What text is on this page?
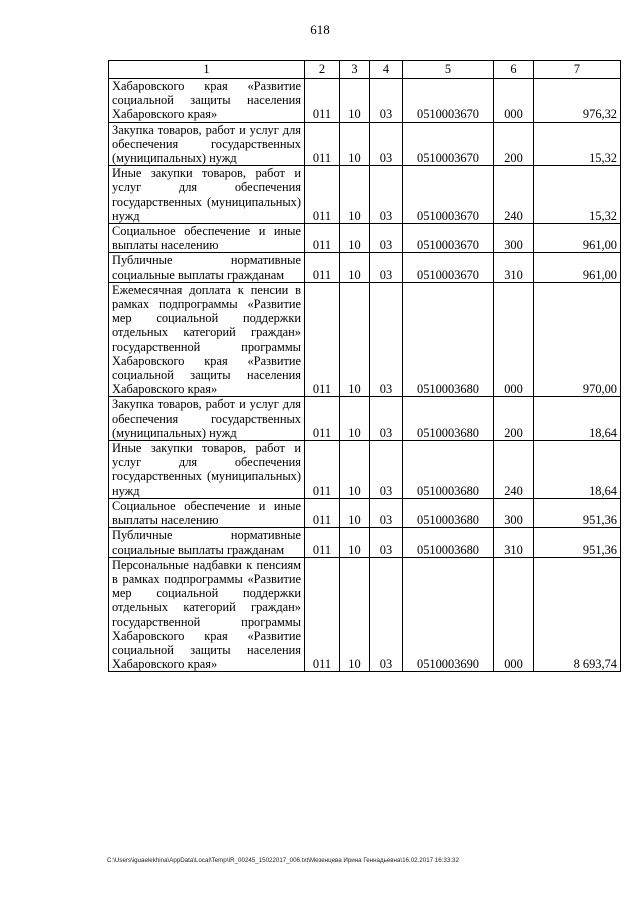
618
1	2	3	4	5	6	7
Хабаровского края «Развитие социальной защиты населения Хабаровского края»	011	10	03	0510003670	000	976,32
Закупка товаров, работ и услуг для обеспечения государственных (муниципальных) нужд	011	10	03	0510003670	200	15,32
Иные закупки товаров, работ и услуг для обеспечения государственных (муниципальных) нужд	011	10	03	0510003670	240	15,32
Социальное обеспечение и иные выплаты населению	011	10	03	0510003670	300	961,00
Публичные нормативные социальные выплаты гражданам	011	10	03	0510003670	310	961,00
Ежемесячная доплата к пенсии в рамках подпрограммы «Развитие мер социальной поддержки отдельных категорий граждан» государственной программы Хабаровского края «Развитие социальной защиты населения Хабаровского края»	011	10	03	0510003680	000	970,00
Закупка товаров, работ и услуг для обеспечения государственных (муниципальных) нужд	011	10	03	0510003680	200	18,64
Иные закупки товаров, работ и услуг для обеспечения государственных (муниципальных) нужд	011	10	03	0510003680	240	18,64
Социальное обеспечение и иные выплаты населению	011	10	03	0510003680	300	951,36
Публичные нормативные социальные выплаты гражданам	011	10	03	0510003680	310	951,36
Персональные надбавки к пенсиям в рамках подпрограммы «Развитие мер социальной поддержки отдельных категорий граждан» государственной программы Хабаровского края «Развитие социальной защиты населения Хабаровского края»	011	10	03	0510003690	000	8 693,74
C:\Users\iguaelekhina\AppData\Local\Temp\IR_00245_15022017_006.txt\Мезенцева Ирина Геннадьевна\16.02.2017 16:33:32
